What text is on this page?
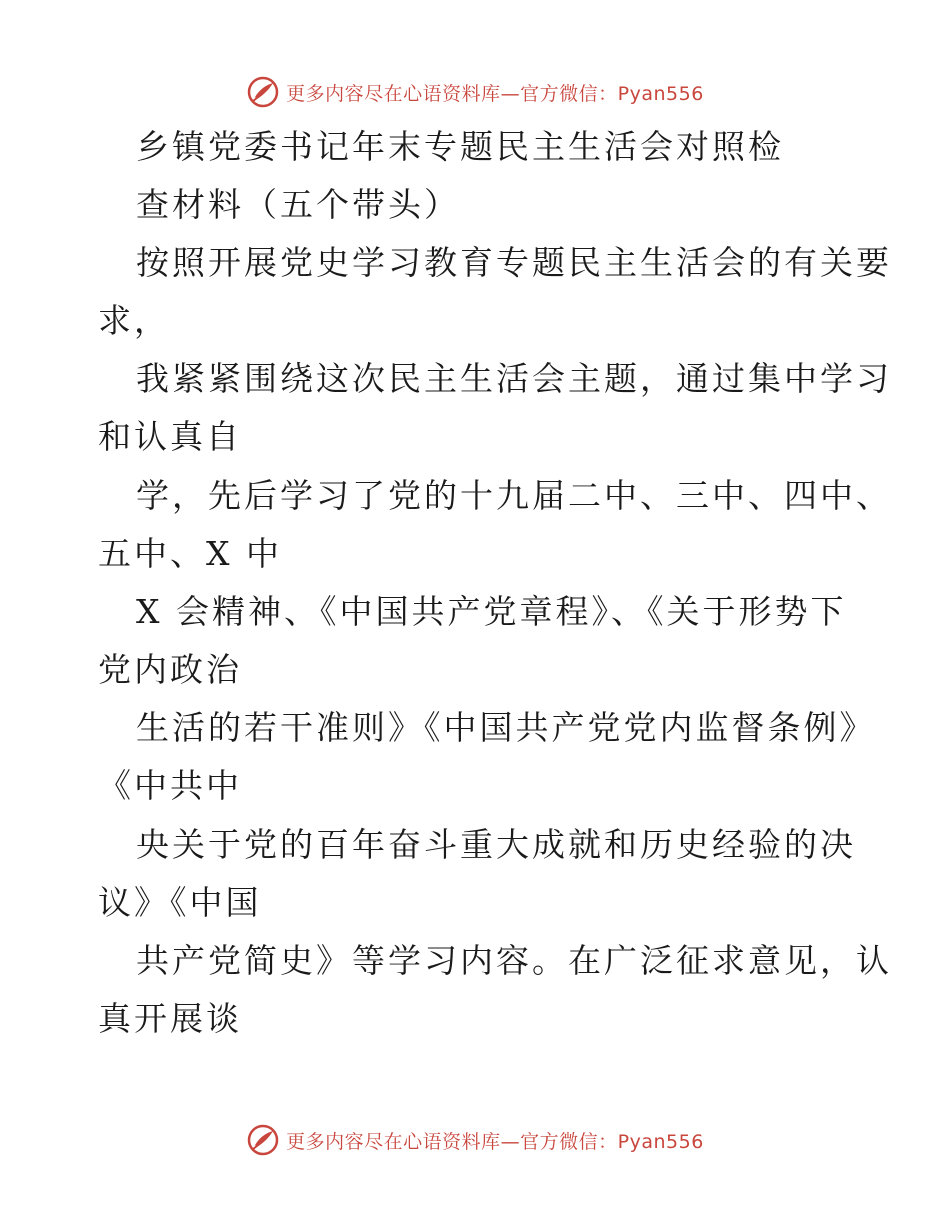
更多内容尽在心语资料库—官方微信：Pyan556
乡镇党委书记年末专题民主生活会对照检
查材料（五个带头）
按照开展党史学习教育专题民主生活会的有关要
求，
我紧紧围绕这次民主生活会主题，通过集中学习
和认真自
学，先后学习了党的十九届二中、三中、四中、
五中、X 中
X 会精神、《中国共产党章程》、《关于形势下
党内政治
生活的若干准则》《中国共产党党内监督条例》
《中共中
央关于党的百年奋斗重大成就和历史经验的决
议》《中国
共产党简史》等学习内容。在广泛征求意见，认
真开展谈
更多内容尽在心语资料库—官方微信：Pyan556
